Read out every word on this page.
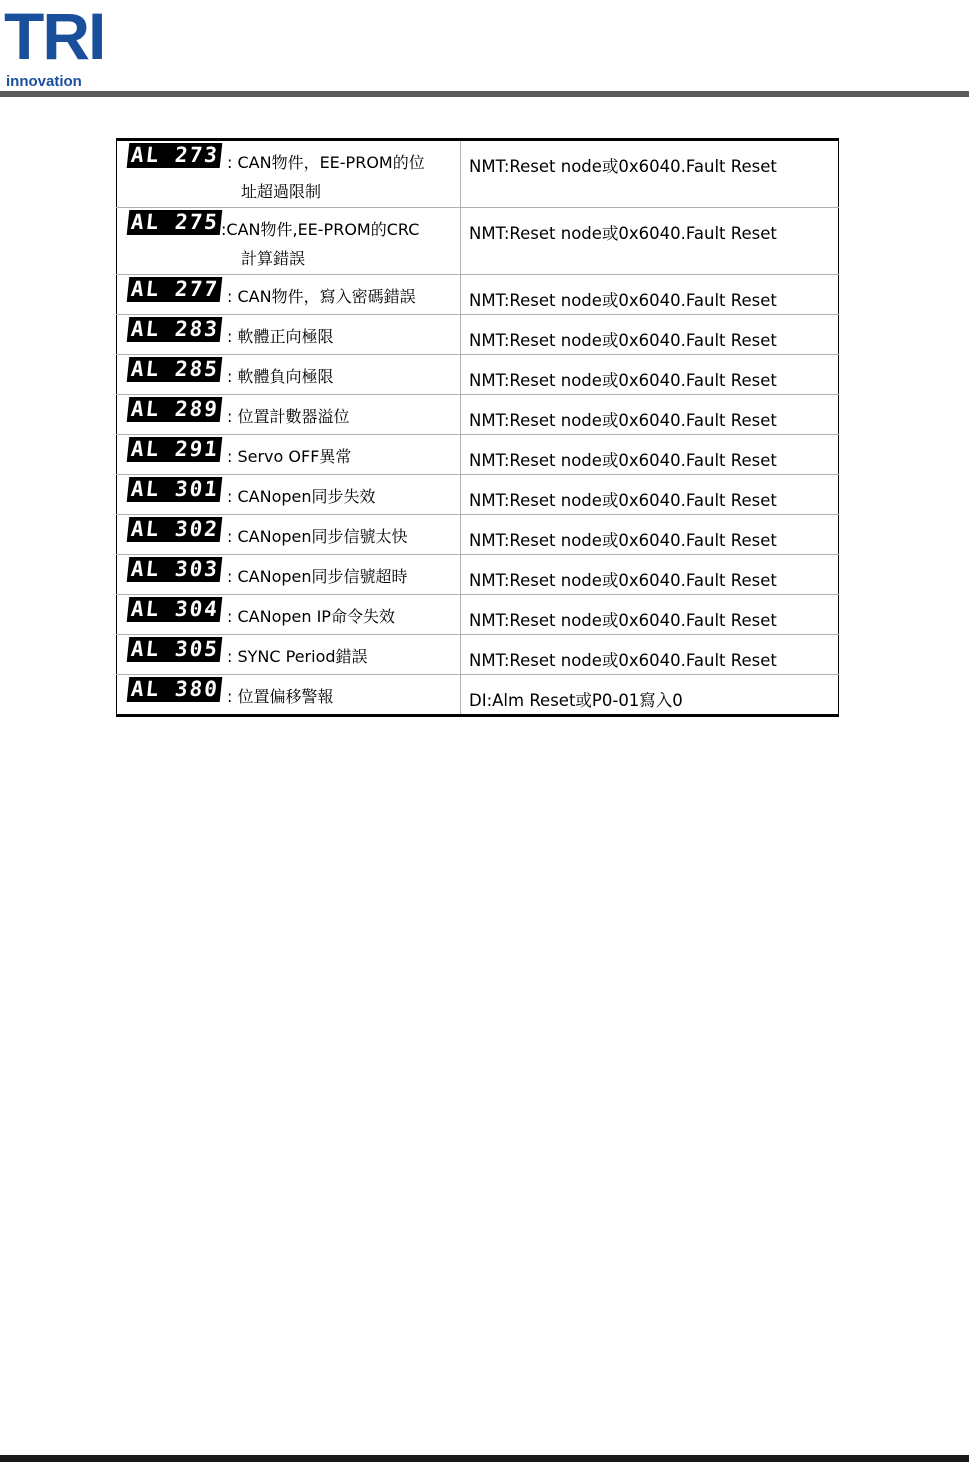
TRI
innovation
AL 273 : CAN物件，EE-PROM的位
址超過限制	NMT:Reset node或0x6040.Fault Reset

AL 275 :CAN物件,EE-PROM的CRC
計算錯誤	NMT:Reset node或0x6040.Fault Reset

AL 277 : CAN物件，寫入密碼錯誤	NMT:Reset node或0x6040.Fault Reset

AL 283 : 軟體正向極限	NMT:Reset node或0x6040.Fault Reset

AL 285 : 軟體負向極限	NMT:Reset node或0x6040.Fault Reset

AL 289 : 位置計數器溢位	NMT:Reset node或0x6040.Fault Reset

AL 291 : Servo OFF異常	NMT:Reset node或0x6040.Fault Reset

AL 301 : CANopen同步失效	NMT:Reset node或0x6040.Fault Reset

AL 302 : CANopen同步信號太快	NMT:Reset node或0x6040.Fault Reset

AL 303 : CANopen同步信號超時	NMT:Reset node或0x6040.Fault Reset

AL 304 : CANopen IP命令失效	NMT:Reset node或0x6040.Fault Reset

AL 305 : SYNC Period錯誤	NMT:Reset node或0x6040.Fault Reset

AL 380 : 位置偏移警報	DI:Alm Reset或P0-01寫入0
